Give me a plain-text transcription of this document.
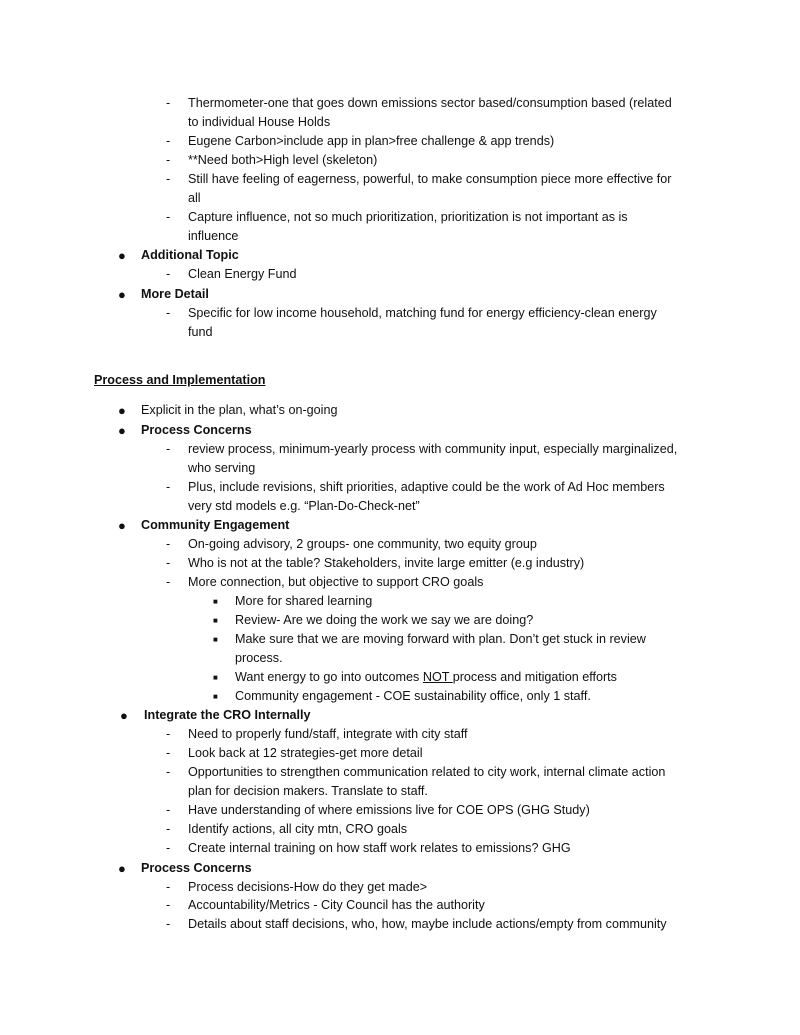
-	Thermometer-one that goes down emissions sector based/consumption based (related
to individual House Holds
-	Eugene Carbon>include app in plan>free challenge & app trends)
-	**Need both>High level (skeleton)
-	Still have feeling of eagerness, powerful, to make consumption piece more effective for
all
-	Capture influence, not so much prioritization, prioritization is not important as is
influence
● Additional Topic
-	Clean Energy Fund
● More Detail
-	Specific for low income household, matching fund for energy efficiency-clean energy
fund
Process and Implementation
● Explicit in the plan, what’s on-going
● Process Concerns
-	review process, minimum-yearly process with community input, especially marginalized,
who serving
-	Plus, include revisions, shift priorities, adaptive could be the work of Ad Hoc members
very std models e.g. “Plan-Do-Check-net”
● Community Engagement
-	On-going advisory, 2 groups- one community, two equity group
-	Who is not at the table? Stakeholders, invite large emitter (e.g industry)
-	More connection, but objective to support CRO goals
■ More for shared learning
■ Review- Are we doing the work we say we are doing?
■ Make sure that we are moving forward with plan. Don’t get stuck in review
process.
■ Want energy to go into outcomes NOT process and mitigation efforts
■ Community engagement - COE sustainability office, only 1 staff.
● Integrate the CRO Internally
-	Need to properly fund/staff, integrate with city staff
-	Look back at 12 strategies-get more detail
-	Opportunities to strengthen communication related to city work, internal climate action
plan for decision makers. Translate to staff.
-	Have understanding of where emissions live for COE OPS (GHG Study)
-	Identify actions, all city mtn, CRO goals
-	Create internal training on how staff work relates to emissions? GHG
● Process Concerns
-	Process decisions-How do they get made>
-	Accountability/Metrics - City Council has the authority
-	Details about staff decisions, who, how, maybe include actions/empty from community
